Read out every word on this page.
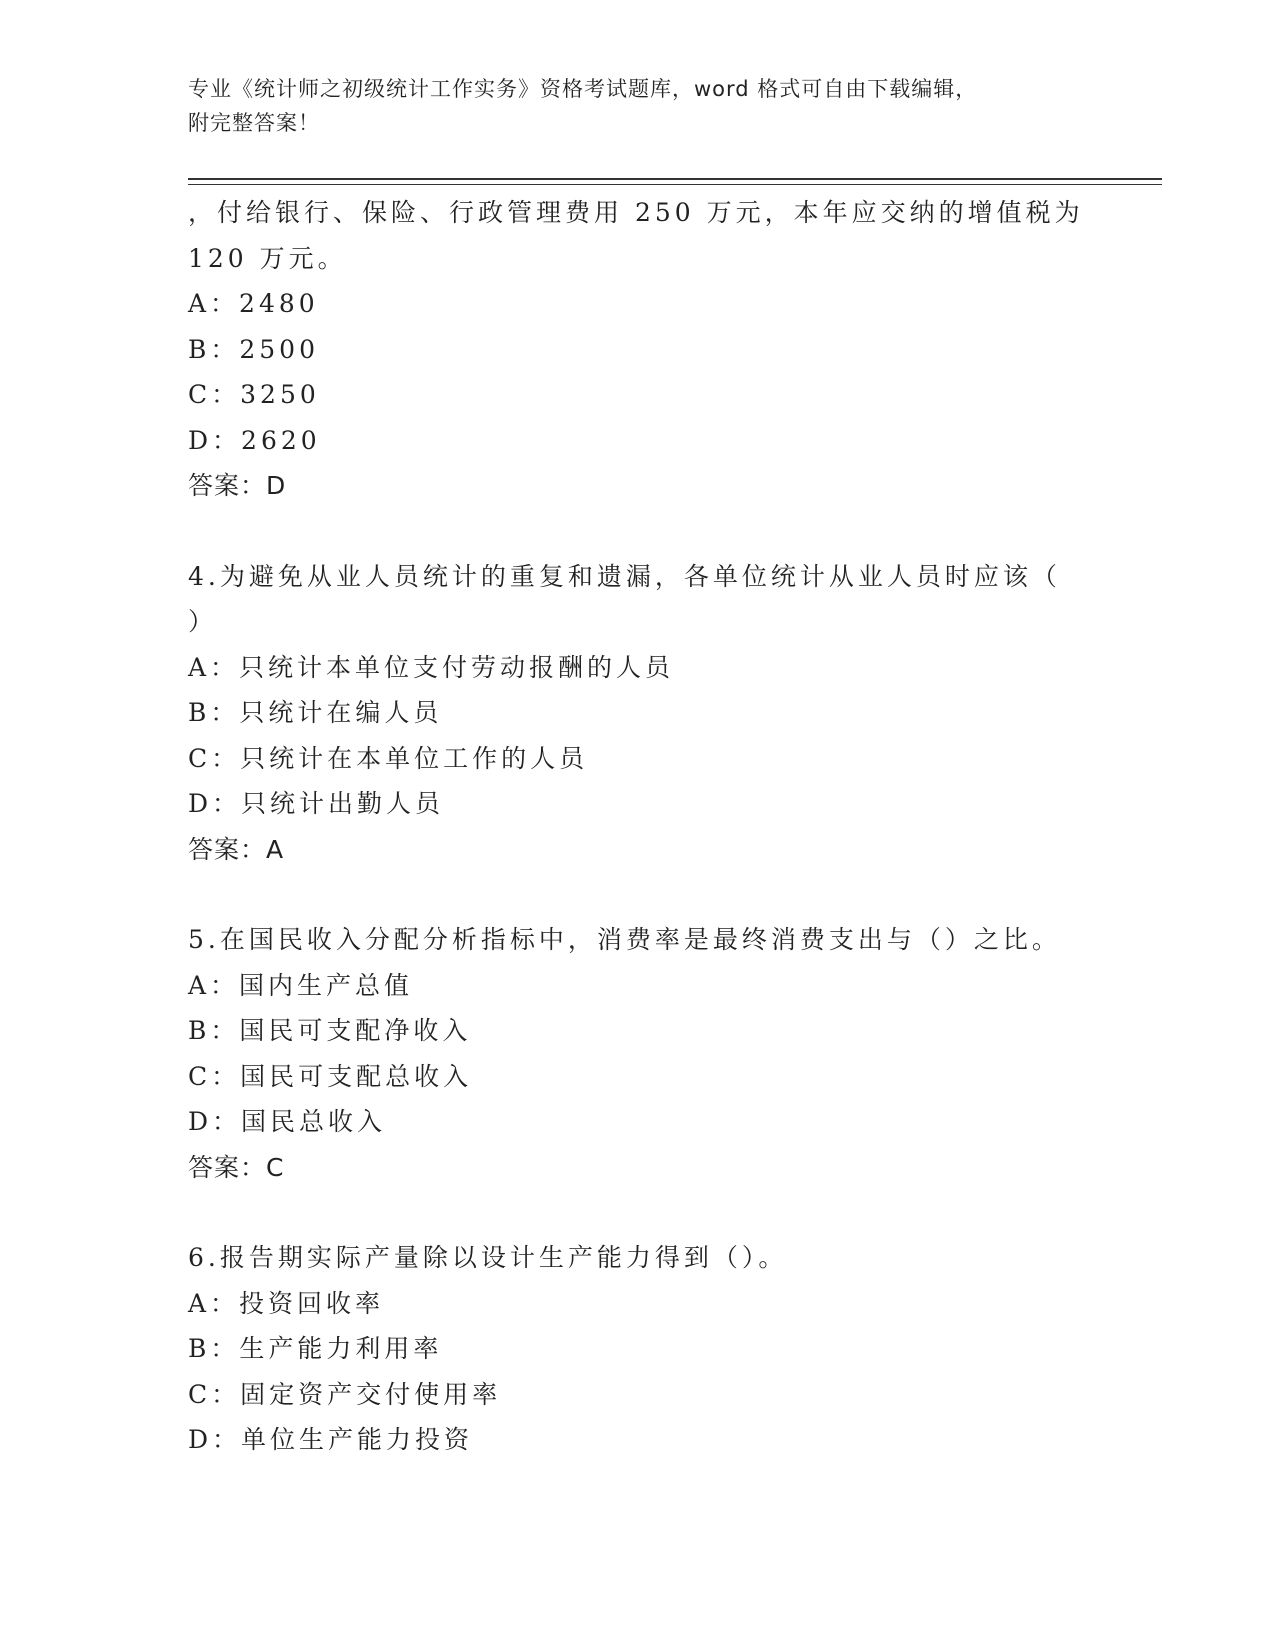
专业《统计师之初级统计工作实务》资格考试题库，word 格式可自由下载编辑，
附完整答案！
，付给银行、保险、行政管理费用 250 万元，本年应交纳的增值税为
120 万元。
A：2480
B：2500
C：3250
D：2620
答案：D
4.为避免从业人员统计的重复和遗漏，各单位统计从业人员时应该（
）
A：只统计本单位支付劳动报酬的人员
B：只统计在编人员
C：只统计在本单位工作的人员
D：只统计出勤人员
答案：A
5.在国民收入分配分析指标中，消费率是最终消费支出与（）之比。
A：国内生产总值
B：国民可支配净收入
C：国民可支配总收入
D：国民总收入
答案：C
6.报告期实际产量除以设计生产能力得到（）。
A：投资回收率
B：生产能力利用率
C：固定资产交付使用率
D：单位生产能力投资
